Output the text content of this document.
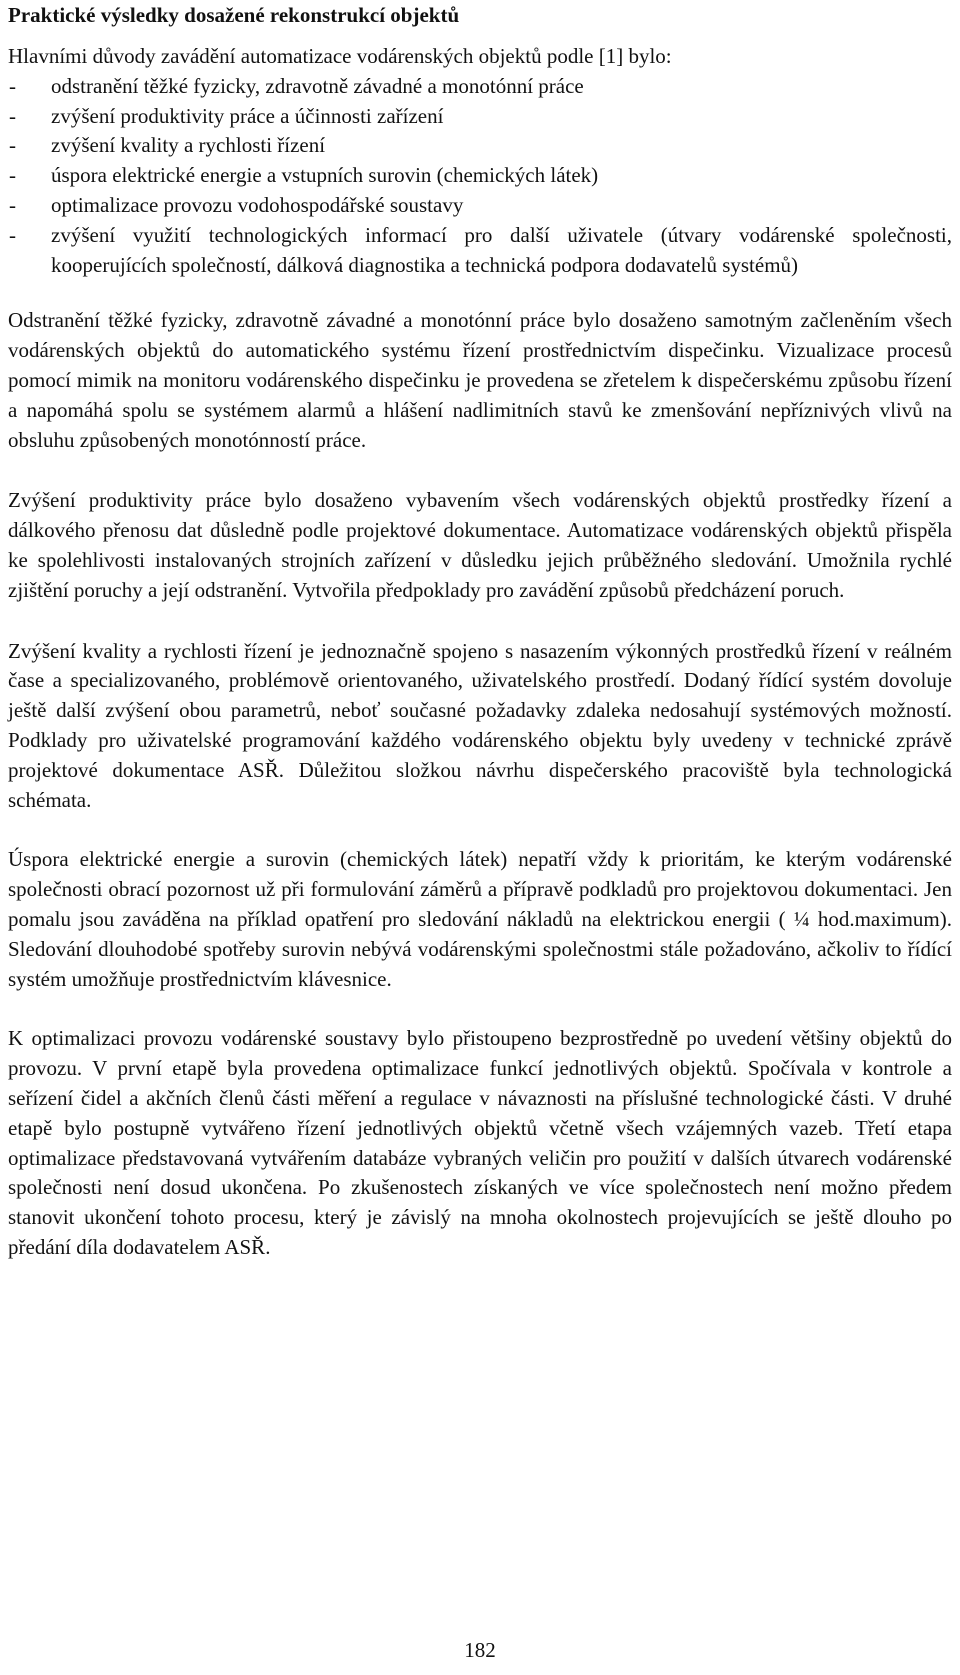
Praktické výsledky dosažené rekonstrukcí objektů

Hlavními důvody zavádění automatizace vodárenských objektů podle [1] bylo:

- odstranění těžké fyzicky, zdravotně závadné a monotónní práce
- zvýšení produktivity práce a účinnosti zařízení
- zvýšení kvality a rychlosti řízení
- úspora elektrické energie a vstupních surovin (chemických látek)
- optimalizace provozu vodohospodářské soustavy
- zvýšení využití technologických informací pro další uživatele (útvary vodárenské společnosti, kooperujících společností, dálková diagnostika a technická podpora dodavatelů systémů)

Odstranění těžké fyzicky, zdravotně závadné a monotónní práce bylo dosaženo samotným začleněním všech vodárenských objektů do automatického systému řízení prostřednictvím dispečinku. Vizualizace procesů pomocí mimik na monitoru vodárenského dispečinku je provedena se zřetelem k dispečerskému způsobu řízení a napomáhá spolu se systémem alarmů a hlášení nadlimitních stavů ke zmenšování nepříznivých vlivů na obsluhu způsobených monotónností práce.

Zvýšení produktivity práce bylo dosaženo vybavením všech vodárenských objektů prostředky řízení a dálkového přenosu dat důsledně podle projektové dokumentace. Automatizace vodárenských objektů přispěla ke spolehlivosti instalovaných strojních zařízení v důsledku jejich průběžného sledování. Umožnila rychlé zjištění poruchy a její odstranění. Vytvořila předpoklady pro zavádění způsobů předcházení poruch.

Zvýšení kvality a rychlosti řízení je jednoznačně spojeno s nasazením výkonných prostředků řízení v reálném čase a specializovaného, problémově orientovaného, uživatelského prostředí. Dodaný řídící systém dovoluje ještě další zvýšení obou parametrů, neboť současné požadavky zdaleka nedosahují systémových možností. Podklady pro uživatelské programování každého vodárenského objektu byly uvedeny v technické zprávě projektové dokumentace ASŘ. Důležitou složkou návrhu dispečerského pracoviště byla technologická schémata.

Úspora elektrické energie a surovin (chemických látek) nepatří vždy k prioritám, ke kterým vodárenské společnosti obrací pozornost už při formulování záměrů a přípravě podkladů pro projektovou dokumentaci. Jen pomalu jsou zaváděna na příklad opatření pro sledování nákladů na elektrickou energii ( ¼ hod.maximum). Sledování dlouhodobé spotřeby surovin nebývá vodárenskými společnostmi stále požadováno, ačkoliv to řídící systém umožňuje prostřednictvím klávesnice.

K optimalizaci provozu vodárenské soustavy bylo přistoupeno bezprostředně po uvedení většiny objektů do provozu. V první etapě byla provedena optimalizace funkcí jednotlivých objektů. Spočívala v kontrole a seřízení čidel a akčních členů části měření a regulace v návaznosti na příslušné technologické části. V druhé etapě bylo postupně vytvářeno řízení jednotlivých objektů včetně všech vzájemných vazeb. Třetí etapa optimalizace představovaná vytvářením databáze vybraných veličin pro použití v dalších útvarech vodárenské společnosti není dosud ukončena. Po zkušenostech získaných ve více společnostech není možno předem stanovit ukončení tohoto procesu, který je závislý na mnoha okolnostech projevujících se ještě dlouho po předání díla dodavatelem ASŘ.

182
